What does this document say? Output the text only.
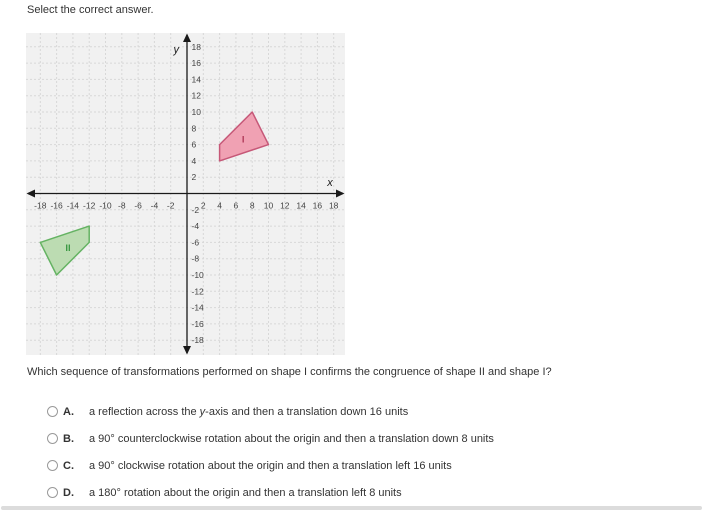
Select the correct answer.
-18
-18
-16
-16
-14
-14
-12
-12
-10
-10
-8
-8
-6
-6
-4
-4
-2 -2 2
2
4
4
6
6
8
8
10
10
12
12
14
14
16
16
18
18
y
x
I
II
Which sequence of transformations performed on shape I confirms the congruence of shape II and shape I?
A.	a reflection across the y-axis and then a translation down 16 units
B.	a 90° counterclockwise rotation about the origin and then a translation down 8 units
C.	a 90° clockwise rotation about the origin and then a translation left 16 units
D.	a 180° rotation about the origin and then a translation left 8 units
